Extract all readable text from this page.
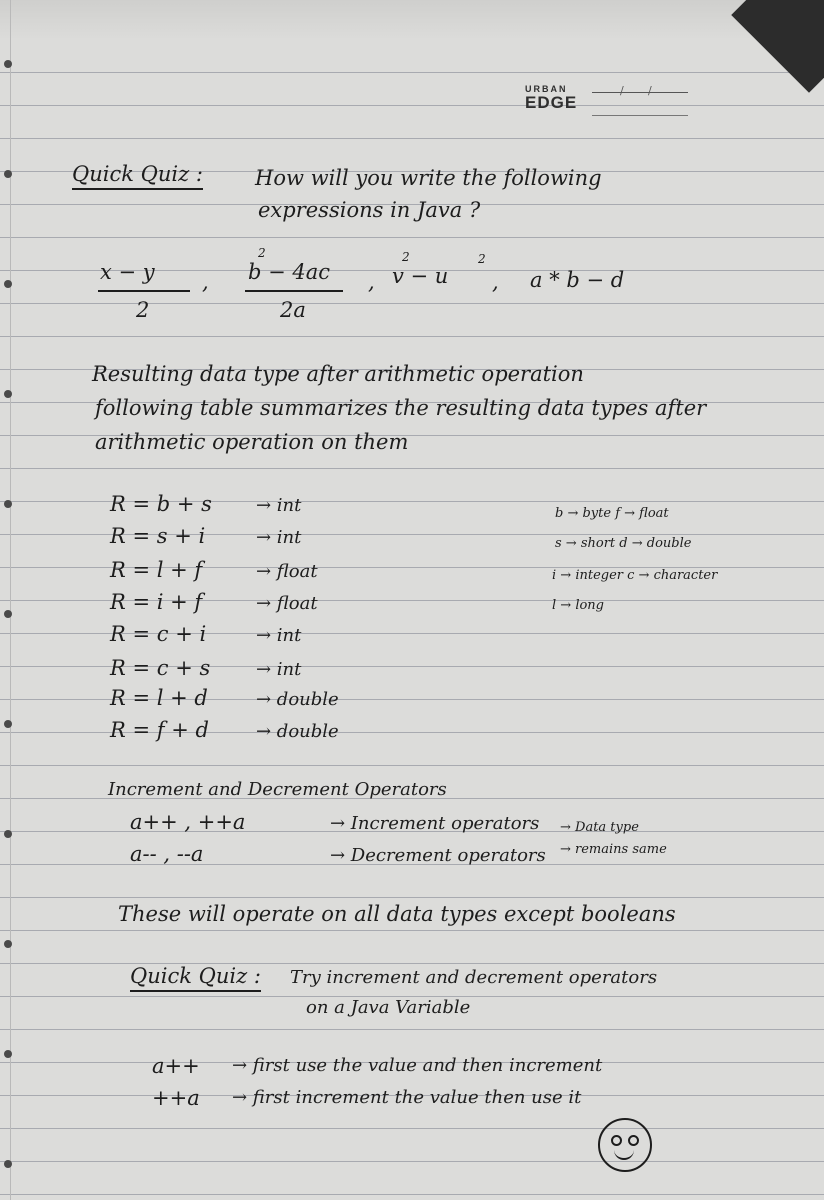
URBAN
EDGE
/ /
Quick Quiz : How will you write the following
expressions in Java ?
x − y
2
,
2
b − 4ac
2a
,
2	2
v − u , a * b − d
Resulting data type after arithmetic operation
following table summarizes the resulting data types after
arithmetic operation on them
R = b + s → int
R = s + i	→ int
R = l + f	→ float
R = i + f	→ float
R = c + i	→ int
R = c + s	→ int
R = l + d	→ double
R = f + d	→ double
b → byte f → float
s → short d → double
i → integer c → character
l → long
Increment and Decrement Operators
a++ , ++a	→ Increment operators → Data type
a-- , --a	→ Decrement operators → remains same
These will operate on all data types except booleans
Quick Quiz : Try increment and decrement operators
on a Java Variable
a++ → first use the value and then increment
++a → first increment the value then use it
